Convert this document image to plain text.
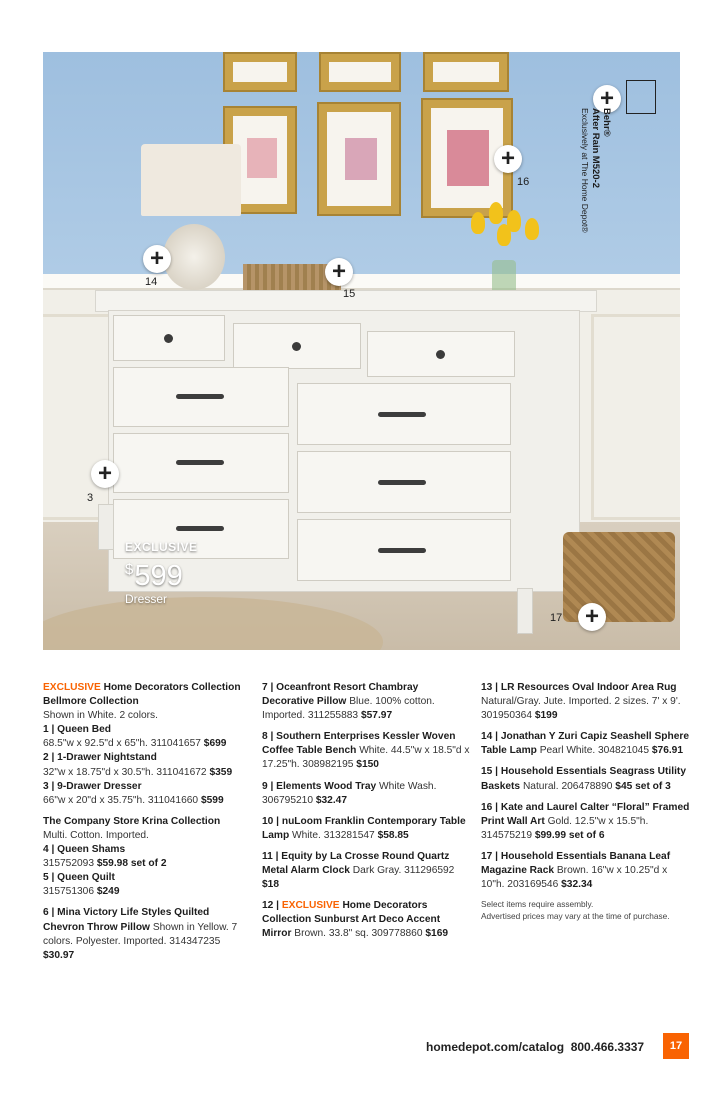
+
3
+
14	+
15
+
16
+
17
+
EXCLUSIVE
$599
Dresser
Behr®
After Rain M520-2
Exclusively at The Home Depot®

EXCLUSIVE Home Decorators Collection Bellmore Collection
Shown in White. 2 colors.
1 | Queen Bed
68.5"w x 92.5"d x 65"h. 311041657 $699
2 | 1-Drawer Nightstand
32"w x 18.75"d x 30.5"h. 311041672 $359
3 | 9-Drawer Dresser
66"w x 20"d x 35.75"h. 311041660 $599

The Company Store Krina Collection
Multi. Cotton. Imported.
4 | Queen Shams
315752093 $59.98 set of 2
5 | Queen Quilt
315751306 $249

6 | Mina Victory Life Styles Quilted Chevron Throw Pillow Shown in Yellow. 7 colors. Polyester. Imported. 314347235 $30.97

7 | Oceanfront Resort Chambray Decorative Pillow Blue. 100% cotton. Imported. 311255883 $57.97

8 | Southern Enterprises Kessler Woven Coffee Table Bench White. 44.5"w x 18.5"d x 17.25"h. 308982195 $150

9 | Elements Wood Tray White Wash. 306795210 $32.47

10 | nuLoom Franklin Contemporary Table Lamp White. 313281547 $58.85

11 | Equity by La Crosse Round Quartz Metal Alarm Clock Dark Gray. 311296592 $18

12 | EXCLUSIVE Home Decorators Collection Sunburst Art Deco Accent Mirror Brown. 33.8" sq. 309778860 $169

13 | LR Resources Oval Indoor Area Rug Natural/Gray. Jute. Imported. 2 sizes. 7' x 9'. 301950364 $199

14 | Jonathan Y Zuri Capiz Seashell Sphere Table Lamp Pearl White. 304821045 $76.91

15 | Household Essentials Seagrass Utility Baskets Natural. 206478890 $45 set of 3

16 | Kate and Laurel Calter “Floral” Framed Print Wall Art Gold. 12.5"w x 15.5"h. 314575219 $99.99 set of 6

17 | Household Essentials Banana Leaf Magazine Rack Brown. 16"w x 10.25"d x 10"h. 203169546 $32.34

Select items require assembly.
Advertised prices may vary at the time of purchase.
homedepot.com/catalog 800.466.3337	17
